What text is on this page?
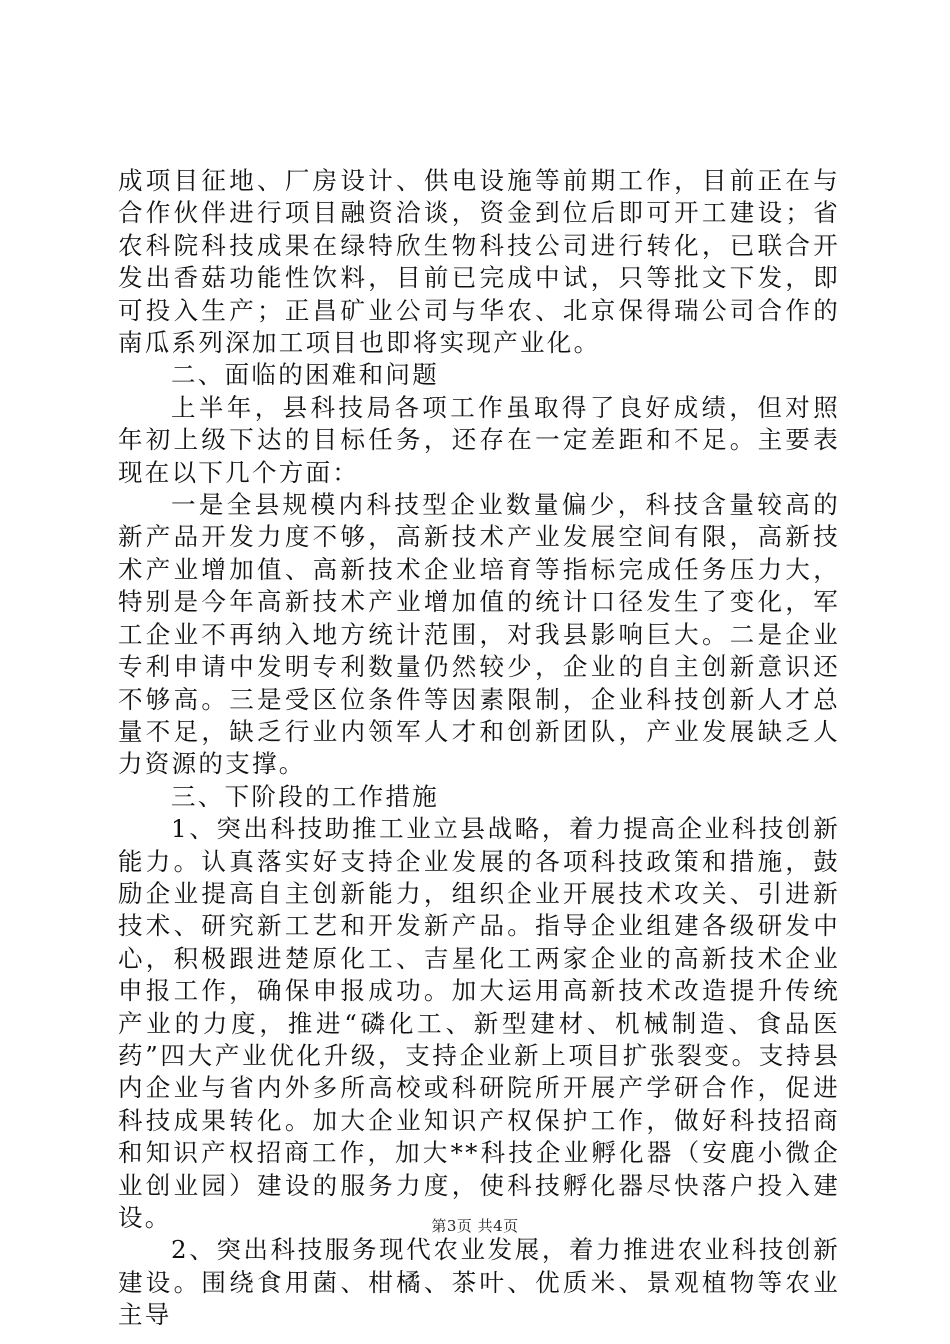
成项目征地、厂房设计、供电设施等前期工作，目前正在与合作伙伴进行项目融资洽谈，资金到位后即可开工建设；省农科院科技成果在绿特欣生物科技公司进行转化，已联合开发出香菇功能性饮料，目前已完成中试，只等批文下发，即可投入生产；正昌矿业公司与华农、北京保得瑞公司合作的南瓜系列深加工项目也即将实现产业化。

二、面临的困难和问题

上半年，县科技局各项工作虽取得了良好成绩，但对照年初上级下达的目标任务，还存在一定差距和不足。主要表现在以下几个方面：

一是全县规模内科技型企业数量偏少，科技含量较高的新产品开发力度不够，高新技术产业发展空间有限，高新技术产业增加值、高新技术企业培育等指标完成任务压力大，特别是今年高新技术产业增加值的统计口径发生了变化，军工企业不再纳入地方统计范围，对我县影响巨大。二是企业专利申请中发明专利数量仍然较少，企业的自主创新意识还不够高。三是受区位条件等因素限制，企业科技创新人才总量不足，缺乏行业内领军人才和创新团队，产业发展缺乏人力资源的支撑。

三、下阶段的工作措施

1、突出科技助推工业立县战略，着力提高企业科技创新能力。认真落实好支持企业发展的各项科技政策和措施，鼓励企业提高自主创新能力，组织企业开展技术攻关、引进新技术、研究新工艺和开发新产品。指导企业组建各级研发中心，积极跟进楚原化工、吉星化工两家企业的高新技术企业申报工作，确保申报成功。加大运用高新技术改造提升传统产业的力度，推进“磷化工、新型建材、机械制造、食品医药”四大产业优化升级，支持企业新上项目扩张裂变。支持县内企业与省内外多所高校或科研院所开展产学研合作，促进科技成果转化。加大企业知识产权保护工作，做好科技招商和知识产权招商工作，加大**科技企业孵化器（安鹿小微企业创业园）建设的服务力度，使科技孵化器尽快落户投入建设。

2、突出科技服务现代农业发展，着力推进农业科技创新建设。围绕食用菌、柑橘、茶叶、优质米、景观植物等农业主导

第3页 共4页
